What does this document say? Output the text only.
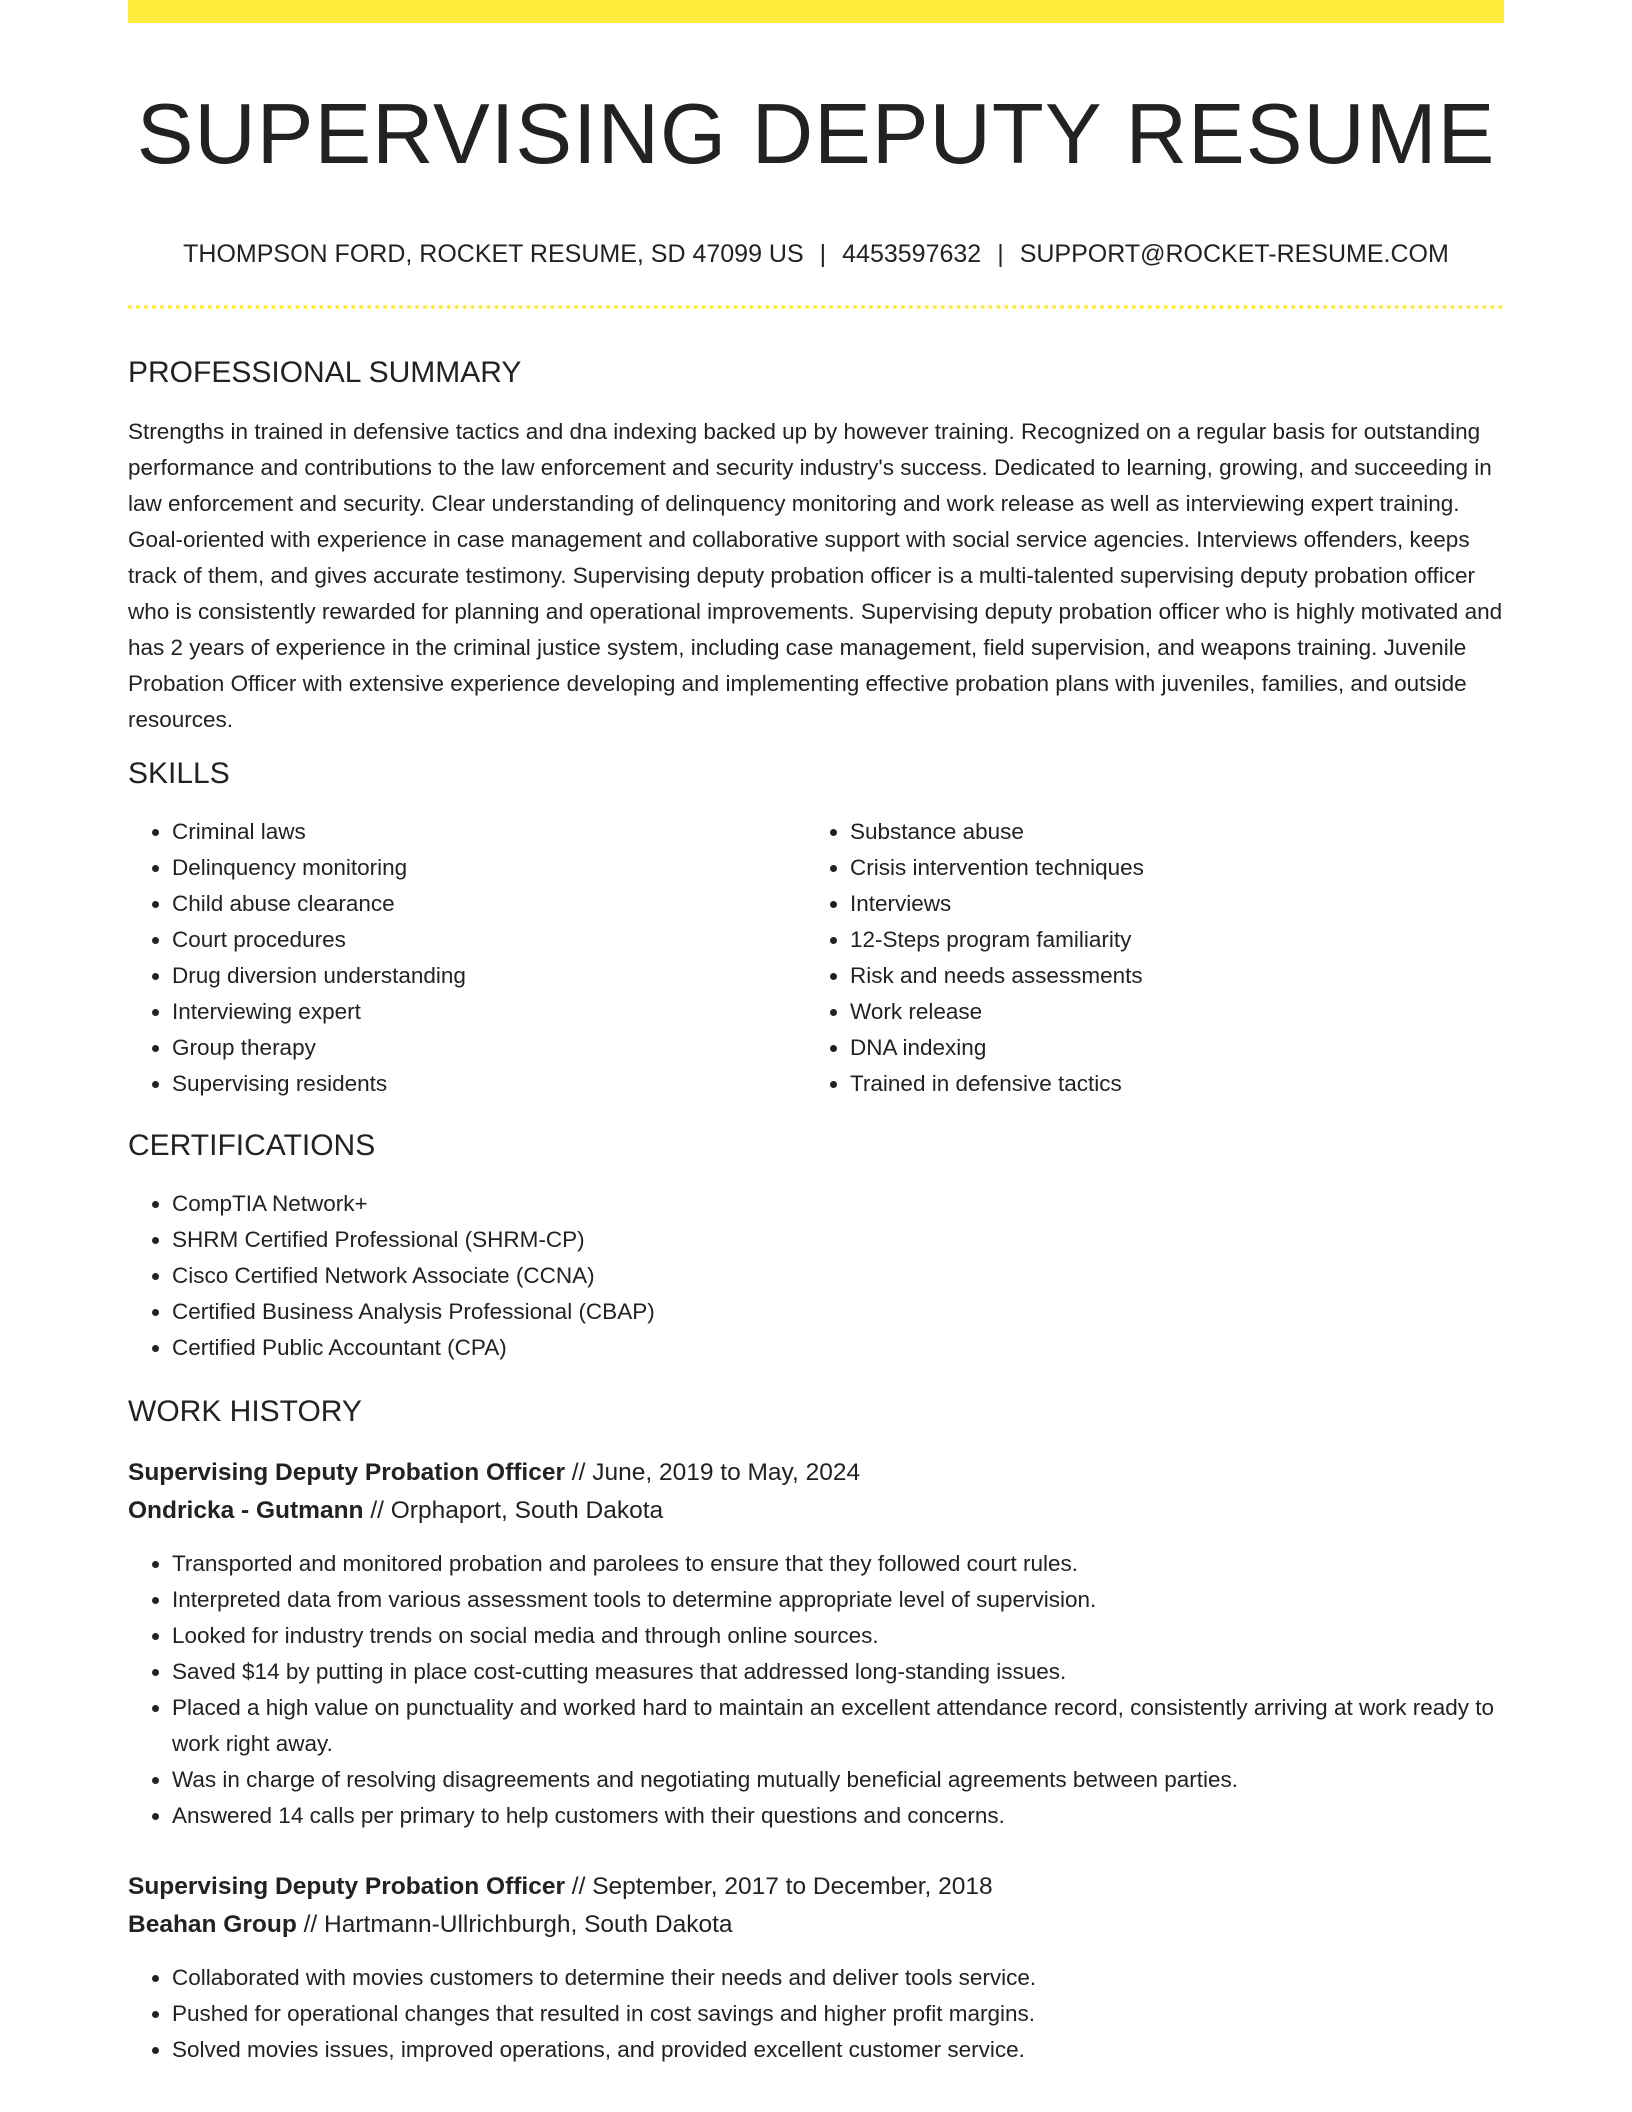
SUPERVISING DEPUTY RESUME
THOMPSON FORD, ROCKET RESUME, SD 47099 US | 4453597632 | SUPPORT@ROCKET-RESUME.COM
PROFESSIONAL SUMMARY

Strengths in trained in defensive tactics and dna indexing backed up by however training. Recognized on a regular basis for outstanding performance and contributions to the law enforcement and security industry's success. Dedicated to learning, growing, and succeeding in law enforcement and security. Clear understanding of delinquency monitoring and work release as well as interviewing expert training. Goal-oriented with experience in case management and collaborative support with social service agencies. Interviews offenders, keeps track of them, and gives accurate testimony. Supervising deputy probation officer is a multi-talented supervising deputy probation officer who is consistently rewarded for planning and operational improvements. Supervising deputy probation officer who is highly motivated and has 2 years of experience in the criminal justice system, including case management, field supervision, and weapons training. Juvenile Probation Officer with extensive experience developing and implementing effective probation plans with juveniles, families, and outside resources.

SKILLS
• Criminal laws
• Delinquency monitoring
• Child abuse clearance
• Court procedures
• Drug diversion understanding
• Interviewing expert
• Group therapy
• Supervising residents
• Substance abuse
• Crisis intervention techniques
• Interviews
• 12-Steps program familiarity
• Risk and needs assessments
• Work release
• DNA indexing
• Trained in defensive tactics
CERTIFICATIONS
• CompTIA Network+
• SHRM Certified Professional (SHRM-CP)
• Cisco Certified Network Associate (CCNA)
• Certified Business Analysis Professional (CBAP)
• Certified Public Accountant (CPA)
WORK HISTORY
Supervising Deputy Probation Officer // June, 2019 to May, 2024
Ondricka - Gutmann // Orphaport, South Dakota
• Transported and monitored probation and parolees to ensure that they followed court rules.
• Interpreted data from various assessment tools to determine appropriate level of supervision.
• Looked for industry trends on social media and through online sources.
• Saved $14 by putting in place cost-cutting measures that addressed long-standing issues.
• Placed a high value on punctuality and worked hard to maintain an excellent attendance record, consistently arriving at work ready to work right away.
• Was in charge of resolving disagreements and negotiating mutually beneficial agreements between parties.
• Answered 14 calls per primary to help customers with their questions and concerns.
Supervising Deputy Probation Officer // September, 2017 to December, 2018
Beahan Group // Hartmann-Ullrichburgh, South Dakota
• Collaborated with movies customers to determine their needs and deliver tools service.
• Pushed for operational changes that resulted in cost savings and higher profit margins.
• Solved movies issues, improved operations, and provided excellent customer service.
